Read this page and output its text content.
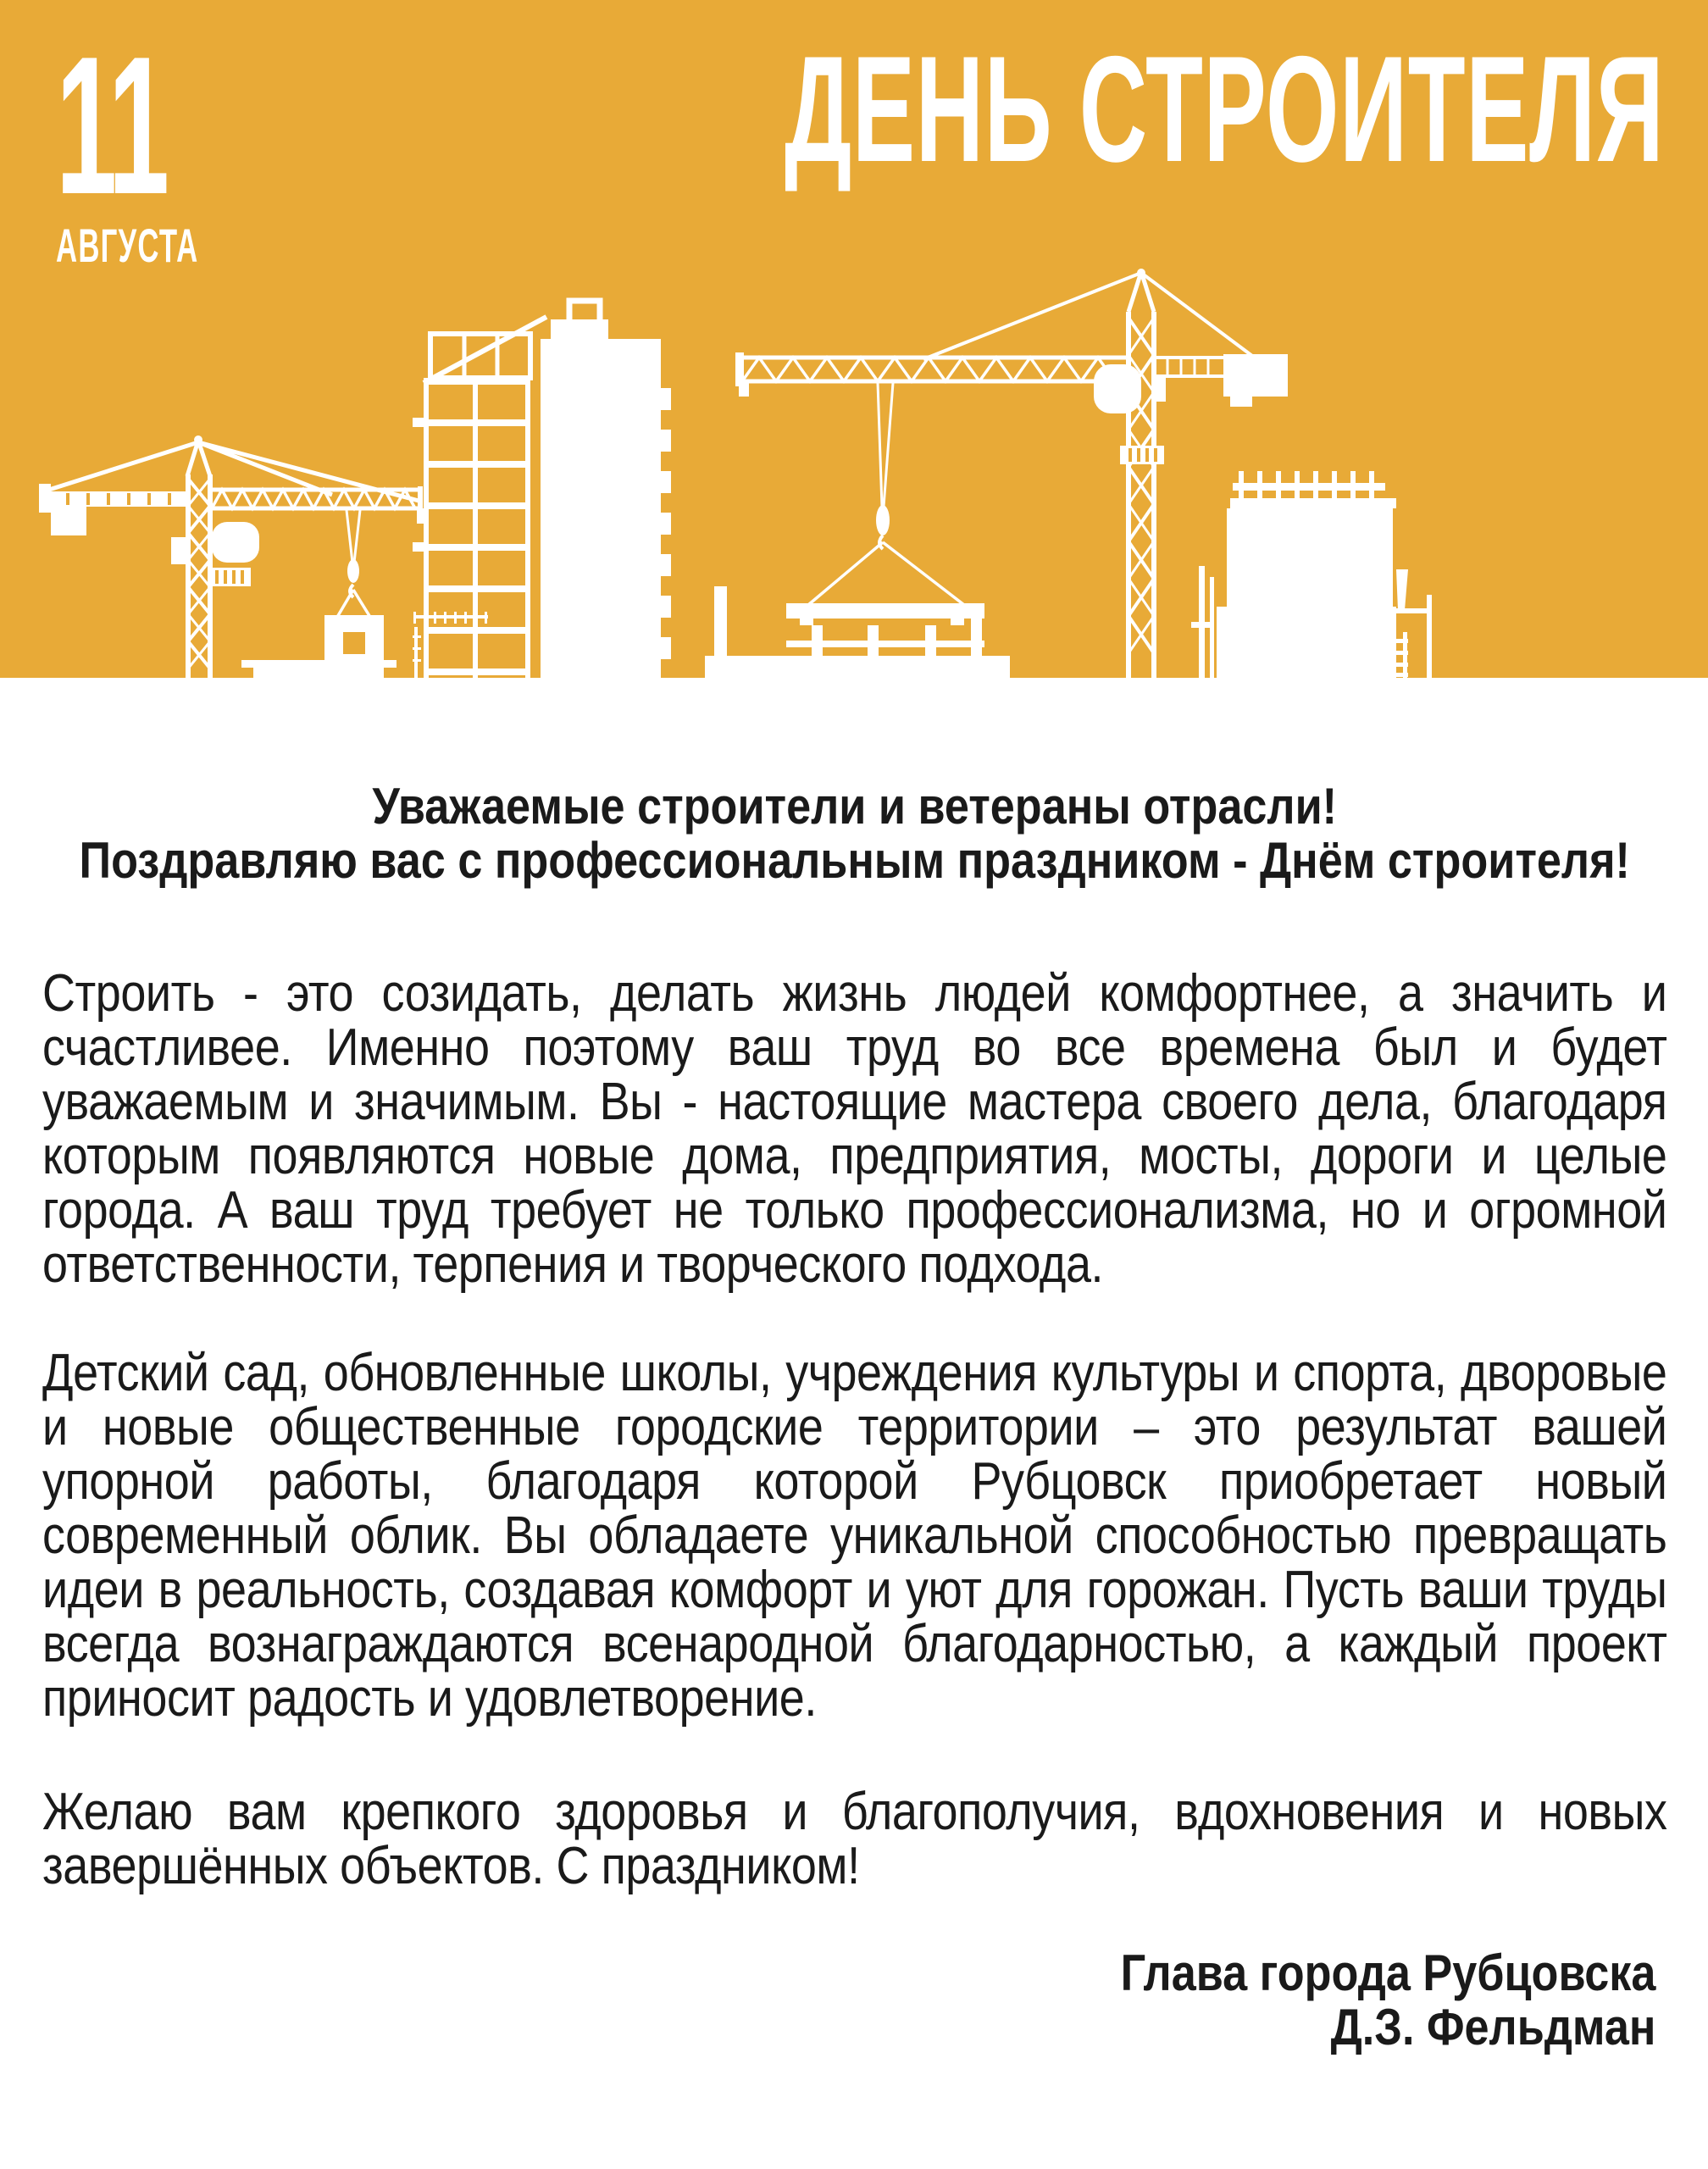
11
АВГУСТА
ДЕНЬ СТРОИТЕЛЯ
Уважаемые строители и ветераны отрасли!
Поздравляю вас с профессиональным праздником - Днём строителя!

Строить - это созидать, делать жизнь людей комфортнее, а значить и счастливее. Именно поэтому ваш труд во все времена был и будет уважаемым и значимым. Вы - настоящие мастера своего дела, благодаря которым появляются новые дома, предприятия, мосты, дороги и целые города. А ваш труд требует не только профессионализма, но и огромной ответственности, терпения и творческого подхода.

Детский сад, обновленные школы, учреждения культуры и спорта, дворовые и новые общественные городские территории – это результат вашей упорной работы, благодаря которой Рубцовск приобретает новый современный облик. Вы обладаете уникальной способностью превращать идеи в реальность, создавая комфорт и уют для горожан. Пусть ваши труды всегда вознаграждаются всенародной благодарностью, а каждый проект приносит радость и удовлетворение.

Желаю вам крепкого здоровья и благополучия, вдохновения и новых завершённых объектов. С праздником!

Глава города Рубцовска
Д.З. Фельдман
